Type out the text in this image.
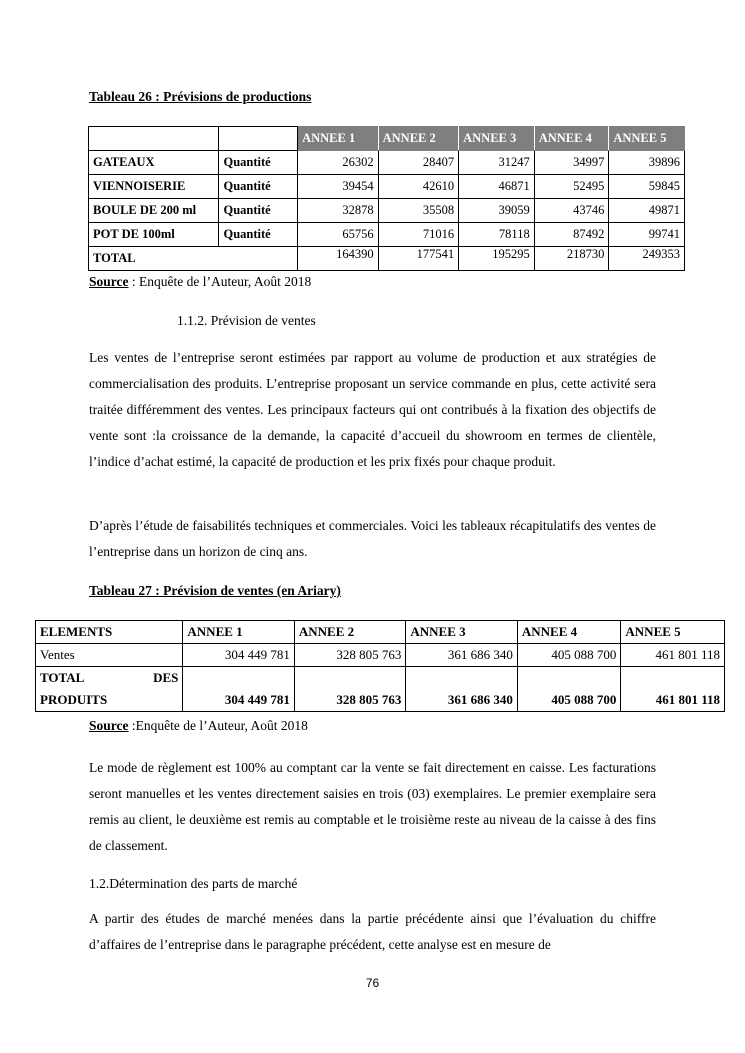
Tableau 26 : Prévisions de productions
		ANNEE 1	ANNEE 2	ANNEE 3	ANNEE 4	ANNEE 5
GATEAUX	Quantité	26302	28407	31247	34997	39896
VIENNOISERIE	Quantité	39454	42610	46871	52495	59845
BOULE DE 200 ml	Quantité	32878	35508	39059	43746	49871
POT DE 100ml	Quantité	65756	71016	78118	87492	99741
TOTAL		164390	177541	195295	218730	249353
Source : Enquête de l’Auteur, Août 2018
1.1.2. Prévision de ventes
Les ventes de l’entreprise seront estimées par rapport au volume de production et aux stratégies de commercialisation des produits. L’entreprise proposant un service commande en plus, cette activité sera traitée différemment des ventes. Les principaux facteurs qui ont contribués à la fixation des objectifs de vente sont :la croissance de la demande, la capacité d’accueil du showroom en termes de clientèle, l’indice d’achat estimé, la capacité de production et les prix fixés pour chaque produit.
D’après l’étude de faisabilités techniques et commerciales. Voici les tableaux récapitulatifs des ventes de l’entreprise dans un horizon de cinq ans.
Tableau 27 : Prévision de ventes (en Ariary)
ELEMENTS	ANNEE 1	ANNEE 2	ANNEE 3	ANNEE 4	ANNEE 5
Ventes	304 449 781	328 805 763	361 686 340	405 088 700	461 801 118

TOTAL DES
PRODUITS	304 449 781	328 805 763	361 686 340	405 088 700	461 801 118
Source :Enquête de l’Auteur, Août 2018
Le mode de règlement est 100% au comptant car la vente se fait directement en caisse. Les facturations seront manuelles et les ventes directement saisies en trois (03) exemplaires. Le premier exemplaire sera remis au client, le deuxième est remis au comptable et le troisième reste au niveau de la caisse à des fins de classement.
1.2.Détermination des parts de marché
A partir des études de marché menées dans la partie précédente ainsi que l’évaluation du chiffre d’affaires de l’entreprise dans le paragraphe précédent, cette analyse est en mesure de
76
